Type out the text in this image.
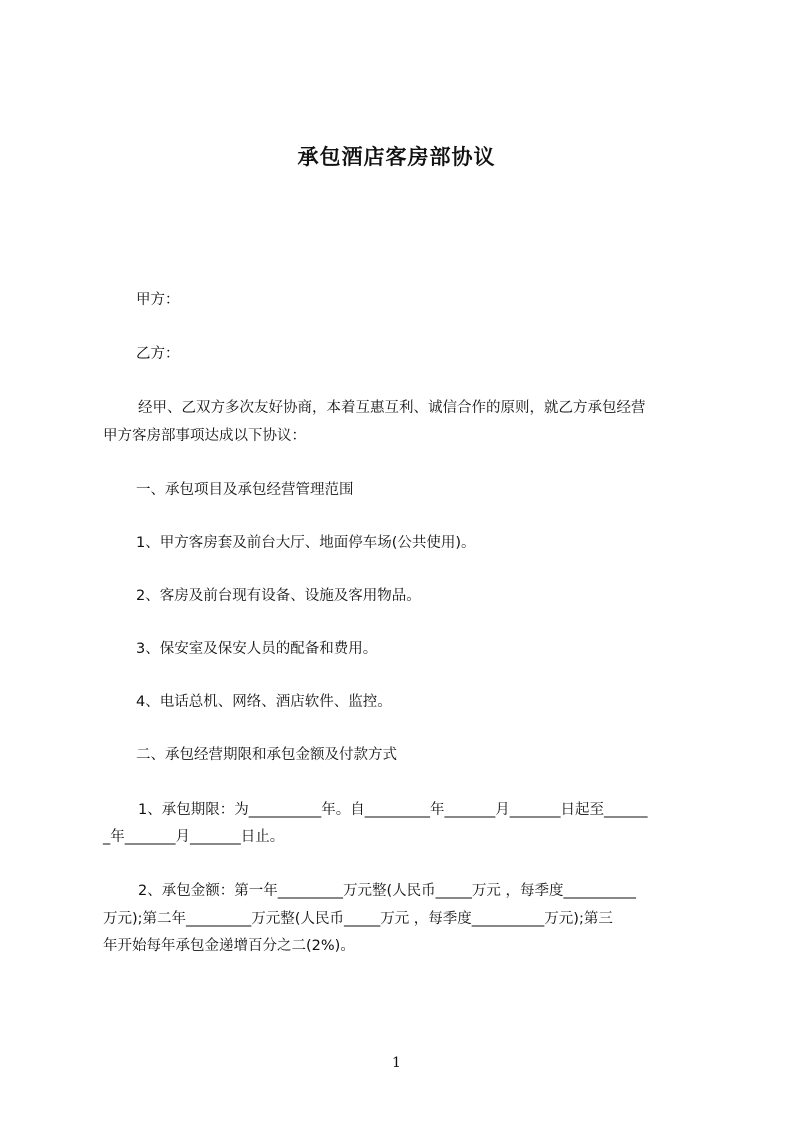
承包酒店客房部协议
甲方：
乙方：
经甲、乙双方多次友好协商，本着互惠互利、诚信合作的原则，就乙方承包经营
甲方客房部事项达成以下协议：
一、承包项目及承包经营管理范围
1、甲方客房套及前台大厅、地面停车场(公共使用)。
2、客房及前台现有设备、设施及客用物品。
3、保安室及保安人员的配备和费用。
4、电话总机、网络、酒店软件、监控。
二、承包经营期限和承包金额及付款方式
1、承包期限：为__________年。自_________年_______月_______日起至______
_年_______月_______日止。
2、承包金额：第一年_________万元整(人民币_____万元 ，每季度__________
万元);第二年_________万元整(人民币_____万元 ，每季度__________万元);第三
年开始每年承包金递增百分之二(2%)。
1
